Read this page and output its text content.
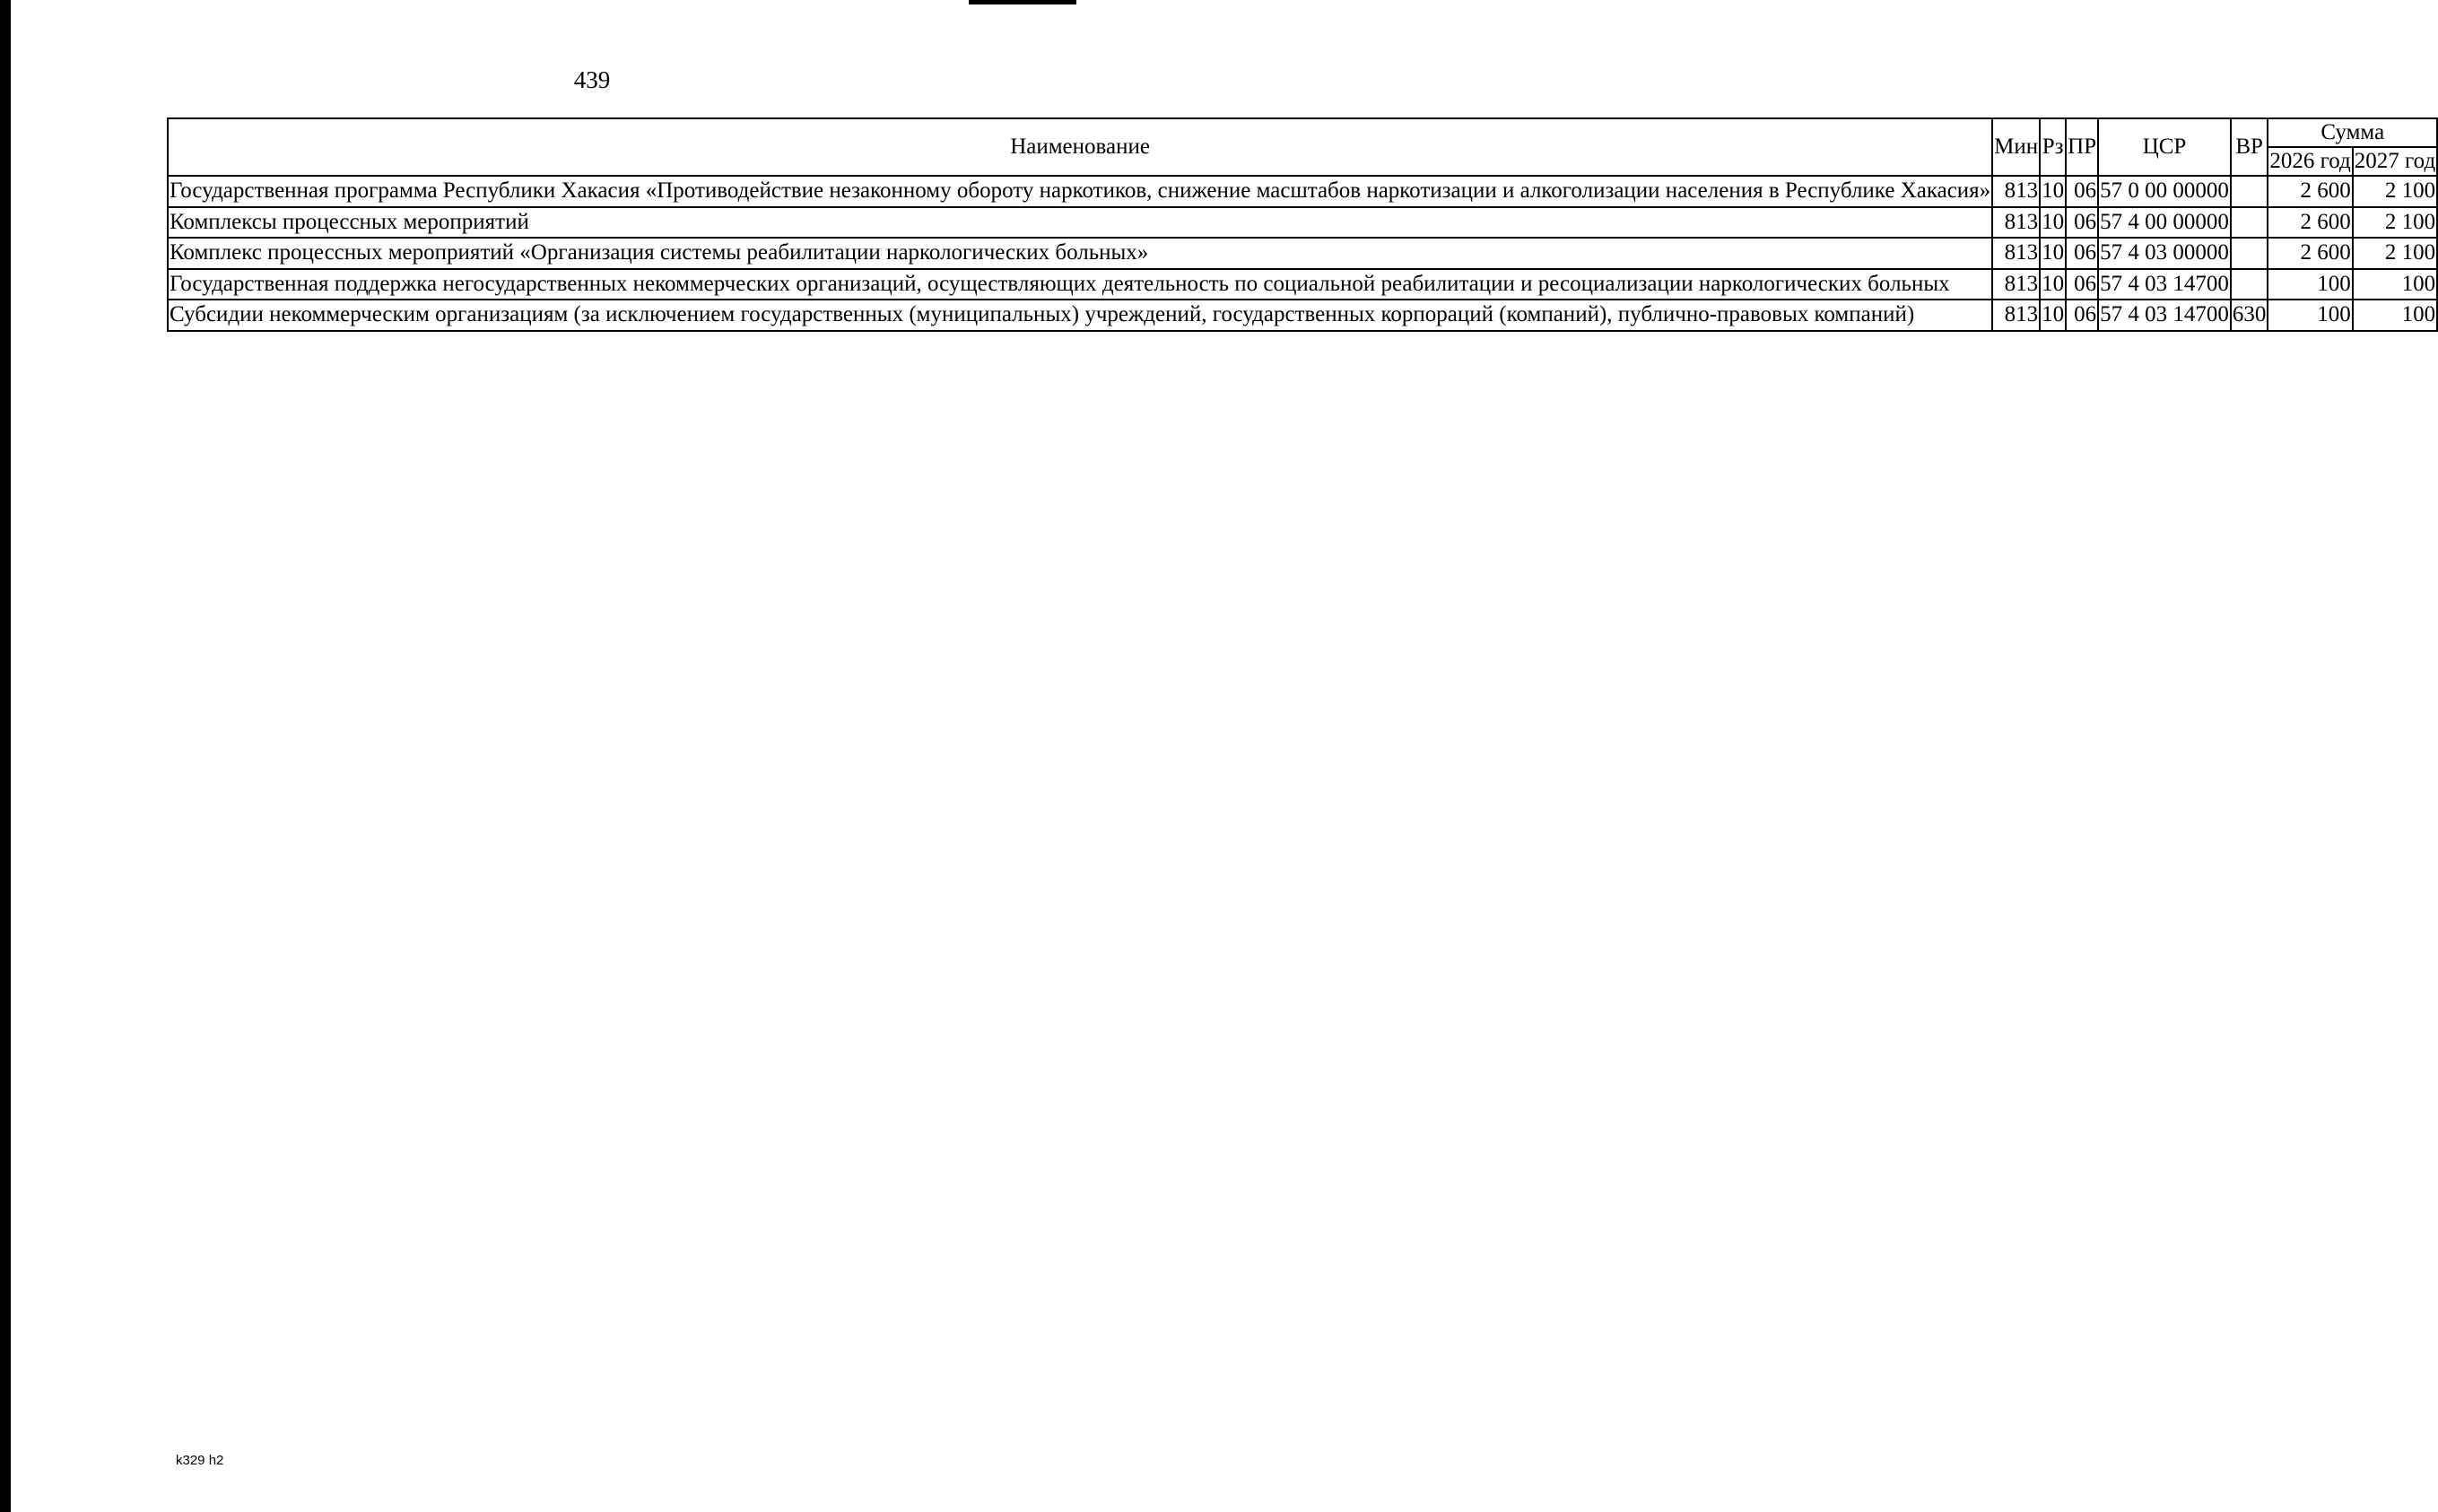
439
Наименование	Мин	Рз	ПР	ЦСР	ВР	Сумма	
						2026 год	2027 год
Государственная программа Республики Хакасия «Противодействие незаконному обороту наркотиков, снижение масштабов наркотизации и алкоголизации населения в Республике Хакасия»	813	10	06	57 0 00 00000		2 600	2 100
Комплексы процессных мероприятий	813	10	06	57 4 00 00000		2 600	2 100
Комплекс процессных мероприятий «Организация системы реабилитации наркологических больных»	813	10	06	57 4 03 00000		2 600	2 100
Государственная поддержка негосударственных некоммерческих организаций, осуществляющих деятельность по социальной реабилитации и ресоциализации наркологических больных	813	10	06	57 4 03 14700		100	100
Субсидии некоммерческим организациям (за исключением государственных (муниципальных) учреждений, государственных корпораций (компаний), публично-правовых компаний)	813	10	06	57 4 03 14700	630	100	100
k329 h2
